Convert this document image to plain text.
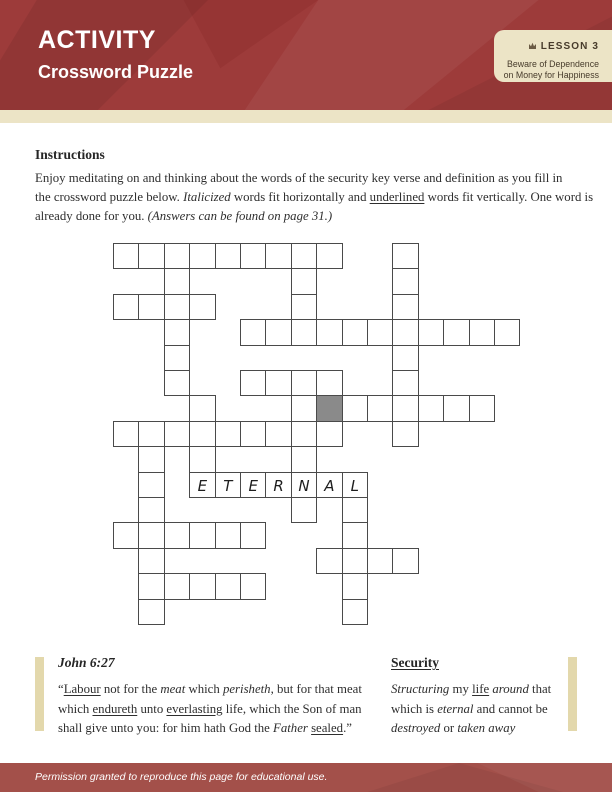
ACTIVITY
Crossword Puzzle
LESSON 3
Beware of Dependence
on Money for Happiness
Instructions
Enjoy meditating on and thinking about the words of the security key verse and definition as you fill in
the crossword puzzle below. Italicized words fit horizontally and underlined words fit vertically. One word is
already done for you. (Answers can be found on page 31.)
E	T	E	R N A	L
John 6:27
“Labour not for the meat which perisheth, but for that meat
which endureth unto everlasting life, which the Son of man
shall give unto you: for him hath God the Father sealed.”
Security
Structuring my life around that
which is eternal and cannot be
destroyed or taken away
Permission granted to reproduce this page for educational use.
